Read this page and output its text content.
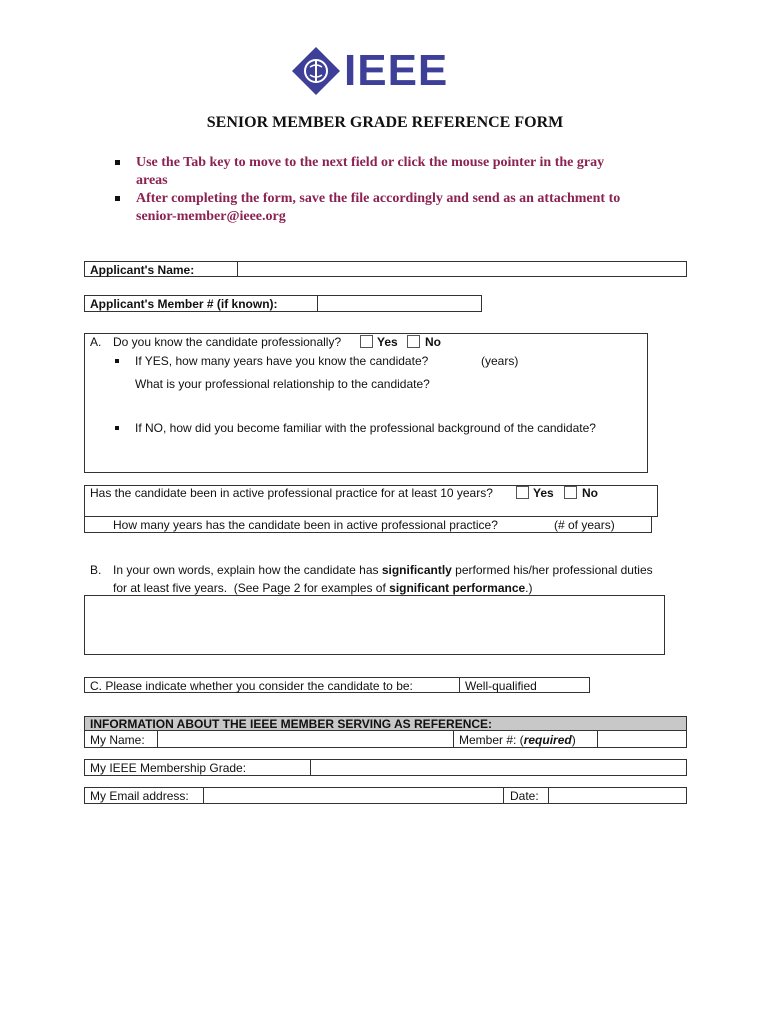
IEEE
SENIOR MEMBER GRADE REFERENCE FORM
Use the Tab key to move to the next field or click the mouse pointer in the gray
areas
After completing the form, save the file accordingly and send as an attachment to
senior-member@ieee.org
Applicant's Name:
Applicant's Member # (if known):
A. Do you know the candidate professionally?	Yes No
If YES, how many years have you know the candidate?	(years)
What is your professional relationship to the candidate?
If NO, how did you become familiar with the professional background of the candidate?
Has the candidate been in active professional practice for at least 10 years?	Yes No
How many years has the candidate been in active professional practice?	(# of years)
B. In your own words, explain how the candidate has significantly performed his/her professional duties
for at least five years.  (See Page 2 for examples of significant performance.)
C. Please indicate whether you consider the candidate to be:	Well-qualified
INFORMATION ABOUT THE IEEE MEMBER SERVING AS REFERENCE:
My Name:	Member #: (required)
My IEEE Membership Grade:
My Email address:	Date:
